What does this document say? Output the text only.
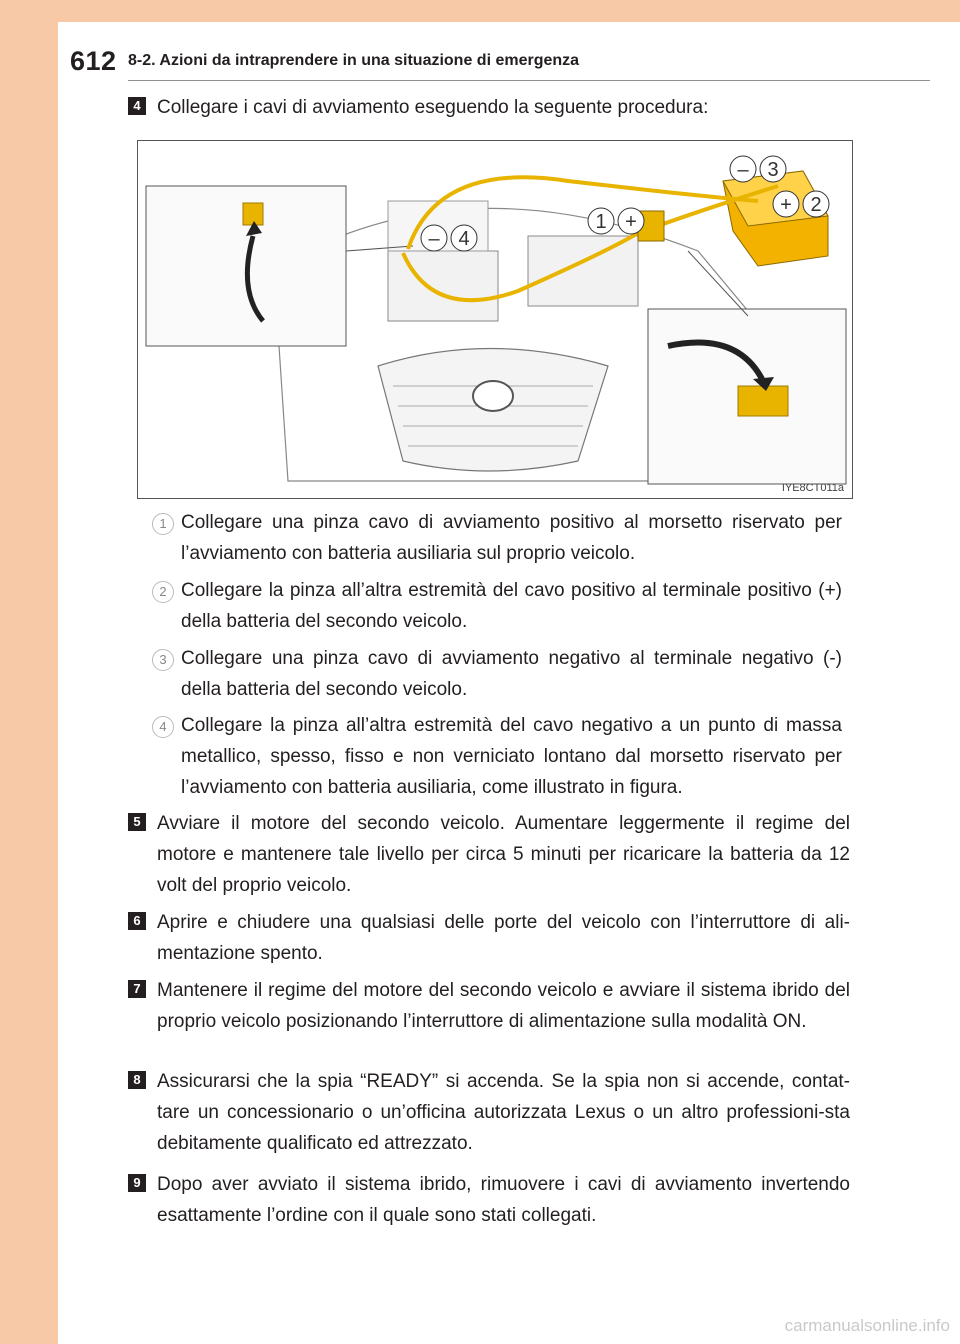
612 8-2. Azioni da intraprendere in una situazione di emergenza
4 Collegare i cavi di avviamento eseguendo la seguente procedura:
1 +
+ 2
– 3
– 4
IYE8CT011a
1 Collegare una pinza cavo di avviamento positivo al morsetto riservato per l’avviamento con batteria ausiliaria sul proprio veicolo.
2 Collegare la pinza all’altra estremità del cavo positivo al terminale positivo (+) della batteria del secondo veicolo.
3 Collegare una pinza cavo di avviamento negativo al terminale negativo (-) della batteria del secondo veicolo.
4 Collegare la pinza all’altra estremità del cavo negativo a un punto di massa metallico, spesso, fisso e non verniciato lontano dal morsetto riservato per l’avviamento con batteria ausiliaria, come illustrato in figura.
5 Avviare il motore del secondo veicolo. Aumentare leggermente il regime del motore e mantenere tale livello per circa 5 minuti per ricaricare la batteria da 12 volt del proprio veicolo.
6 Aprire e chiudere una qualsiasi delle porte del veicolo con l’interruttore di ali-mentazione spento.
7 Mantenere il regime del motore del secondo veicolo e avviare il sistema ibrido del proprio veicolo posizionando l’interruttore di alimentazione sulla modalità ON.
8 Assicurarsi che la spia “READY” si accenda. Se la spia non si accende, contat-tare un concessionario o un’officina autorizzata Lexus o un altro professioni-sta debitamente qualificato ed attrezzato.
9 Dopo aver avviato il sistema ibrido, rimuovere i cavi di avviamento invertendo esattamente l’ordine con il quale sono stati collegati.
carmanualsonline.info
